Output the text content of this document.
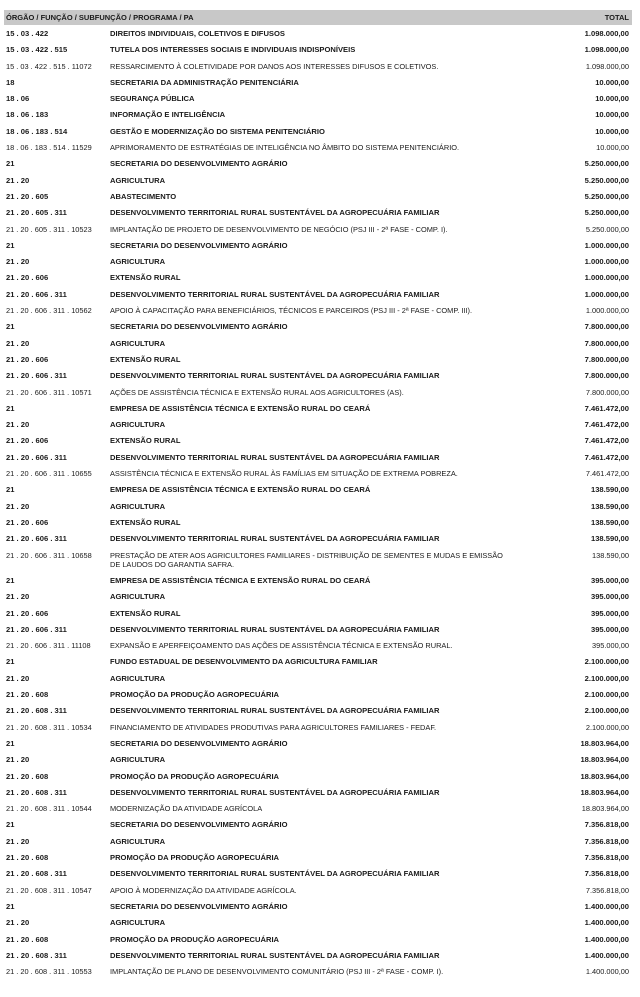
ÓRGÃO / FUNÇÃO / SUBFUNÇÃO / PROGRAMA / PA	TOTAL
15 . 03 . 422	DIREITOS INDIVIDUAIS, COLETIVOS E DIFUSOS	1.098.000,00
15 . 03 . 422 . 515	TUTELA DOS INTERESSES SOCIAIS E INDIVIDUAIS INDISPONÍVEIS	1.098.000,00
15 . 03 . 422 . 515 . 11072 RESSARCIMENTO À COLETIVIDADE POR DANOS AOS INTERESSES DIFUSOS E COLETIVOS.	1.098.000,00
18	SECRETARIA DA ADMINISTRAÇÃO PENITENCIÁRIA	10.000,00
18 . 06	SEGURANÇA PÚBLICA	10.000,00
18 . 06 . 183	INFORMAÇÃO E INTELIGÊNCIA	10.000,00
18 . 06 . 183 . 514	GESTÃO E MODERNIZAÇÃO DO SISTEMA PENITENCIÁRIO	10.000,00
18 . 06 . 183 . 514 . 11529 APRIMORAMENTO DE ESTRATÉGIAS DE INTELIGÊNCIA NO ÂMBITO DO SISTEMA PENITENCIÁRIO.	10.000,00
21	SECRETARIA DO DESENVOLVIMENTO AGRÁRIO	5.250.000,00
21 . 20	AGRICULTURA	5.250.000,00
21 . 20 . 605	ABASTECIMENTO	5.250.000,00
21 . 20 . 605 . 311	DESENVOLVIMENTO TERRITORIAL RURAL SUSTENTÁVEL DA AGROPECUÁRIA FAMILIAR	5.250.000,00
21 . 20 . 605 . 311 . 10523 IMPLANTAÇÃO DE PROJETO DE DESENVOLVIMENTO DE NEGÓCIO (PSJ III - 2ª FASE - COMP. I).	5.250.000,00
21	SECRETARIA DO DESENVOLVIMENTO AGRÁRIO	1.000.000,00
21 . 20	AGRICULTURA	1.000.000,00
21 . 20 . 606	EXTENSÃO RURAL	1.000.000,00
21 . 20 . 606 . 311	DESENVOLVIMENTO TERRITORIAL RURAL SUSTENTÁVEL DA AGROPECUÁRIA FAMILIAR	1.000.000,00
21 . 20 . 606 . 311 . 10562 APOIO À CAPACITAÇÃO PARA BENEFICIÁRIOS, TÉCNICOS E PARCEIROS (PSJ III - 2ª FASE - COMP. III).	1.000.000,00
21	SECRETARIA DO DESENVOLVIMENTO AGRÁRIO	7.800.000,00
21 . 20	AGRICULTURA	7.800.000,00
21 . 20 . 606	EXTENSÃO RURAL	7.800.000,00
21 . 20 . 606 . 311	DESENVOLVIMENTO TERRITORIAL RURAL SUSTENTÁVEL DA AGROPECUÁRIA FAMILIAR	7.800.000,00
21 . 20 . 606 . 311 . 10571 AÇÕES DE ASSISTÊNCIA TÉCNICA E EXTENSÃO RURAL AOS AGRICULTORES (AS).	7.800.000,00
21	EMPRESA DE ASSISTÊNCIA TÉCNICA E EXTENSÃO RURAL DO CEARÁ	7.461.472,00
21 . 20	AGRICULTURA	7.461.472,00
21 . 20 . 606	EXTENSÃO RURAL	7.461.472,00
21 . 20 . 606 . 311	DESENVOLVIMENTO TERRITORIAL RURAL SUSTENTÁVEL DA AGROPECUÁRIA FAMILIAR	7.461.472,00
21 . 20 . 606 . 311 . 10655 ASSISTÊNCIA TÉCNICA E EXTENSÃO RURAL ÀS FAMÍLIAS EM SITUAÇÃO DE EXTREMA POBREZA.	7.461.472,00
21	EMPRESA DE ASSISTÊNCIA TÉCNICA E EXTENSÃO RURAL DO CEARÁ	138.590,00
21 . 20	AGRICULTURA	138.590,00
21 . 20 . 606	EXTENSÃO RURAL	138.590,00
21 . 20 . 606 . 311	DESENVOLVIMENTO TERRITORIAL RURAL SUSTENTÁVEL DA AGROPECUÁRIA FAMILIAR	138.590,00
21 . 20 . 606 . 311 . 10658 PRESTAÇÃO DE ATER AOS AGRICULTORES FAMILIARES - DISTRIBUIÇÃO DE SEMENTES E MUDAS E EMISSÃO DE LAUDOS DO GARANTIA SAFRA.
138.590,00
21	EMPRESA DE ASSISTÊNCIA TÉCNICA E EXTENSÃO RURAL DO CEARÁ	395.000,00
21 . 20	AGRICULTURA	395.000,00
21 . 20 . 606	EXTENSÃO RURAL	395.000,00
21 . 20 . 606 . 311	DESENVOLVIMENTO TERRITORIAL RURAL SUSTENTÁVEL DA AGROPECUÁRIA FAMILIAR	395.000,00
21 . 20 . 606 . 311 . 11108	EXPANSÃO E APERFEIÇOAMENTO DAS AÇÕES DE ASSISTÊNCIA TÉCNICA E EXTENSÃO RURAL.	395.000,00
21	FUNDO ESTADUAL DE DESENVOLVIMENTO DA AGRICULTURA FAMILIAR	2.100.000,00
21 . 20	AGRICULTURA	2.100.000,00
21 . 20 . 608	PROMOÇÃO DA PRODUÇÃO AGROPECUÁRIA	2.100.000,00
21 . 20 . 608 . 311	DESENVOLVIMENTO TERRITORIAL RURAL SUSTENTÁVEL DA AGROPECUÁRIA FAMILIAR	2.100.000,00
21 . 20 . 608 . 311 . 10534 FINANCIAMENTO DE ATIVIDADES PRODUTIVAS PARA AGRICULTORES FAMILIARES - FEDAF.	2.100.000,00
21	SECRETARIA DO DESENVOLVIMENTO AGRÁRIO	18.803.964,00
21 . 20	AGRICULTURA	18.803.964,00
21 . 20 . 608	PROMOÇÃO DA PRODUÇÃO AGROPECUÁRIA	18.803.964,00
21 . 20 . 608 . 311	DESENVOLVIMENTO TERRITORIAL RURAL SUSTENTÁVEL DA AGROPECUÁRIA FAMILIAR	18.803.964,00
21 . 20 . 608 . 311 . 10544 MODERNIZAÇÃO DA ATIVIDADE AGRÍCOLA	18.803.964,00
21	SECRETARIA DO DESENVOLVIMENTO AGRÁRIO	7.356.818,00
21 . 20	AGRICULTURA	7.356.818,00
21 . 20 . 608	PROMOÇÃO DA PRODUÇÃO AGROPECUÁRIA	7.356.818,00
21 . 20 . 608 . 311	DESENVOLVIMENTO TERRITORIAL RURAL SUSTENTÁVEL DA AGROPECUÁRIA FAMILIAR	7.356.818,00
21 . 20 . 608 . 311 . 10547 APOIO À MODERNIZAÇÃO DA ATIVIDADE AGRÍCOLA.	7.356.818,00
21	SECRETARIA DO DESENVOLVIMENTO AGRÁRIO	1.400.000,00
21 . 20	AGRICULTURA	1.400.000,00
21 . 20 . 608	PROMOÇÃO DA PRODUÇÃO AGROPECUÁRIA	1.400.000,00
21 . 20 . 608 . 311	DESENVOLVIMENTO TERRITORIAL RURAL SUSTENTÁVEL DA AGROPECUÁRIA FAMILIAR	1.400.000,00
21 . 20 . 608 . 311 . 10553 IMPLANTAÇÃO DE PLANO DE DESENVOLVIMENTO COMUNITÁRIO (PSJ III - 2ª FASE - COMP. I).	1.400.000,00
